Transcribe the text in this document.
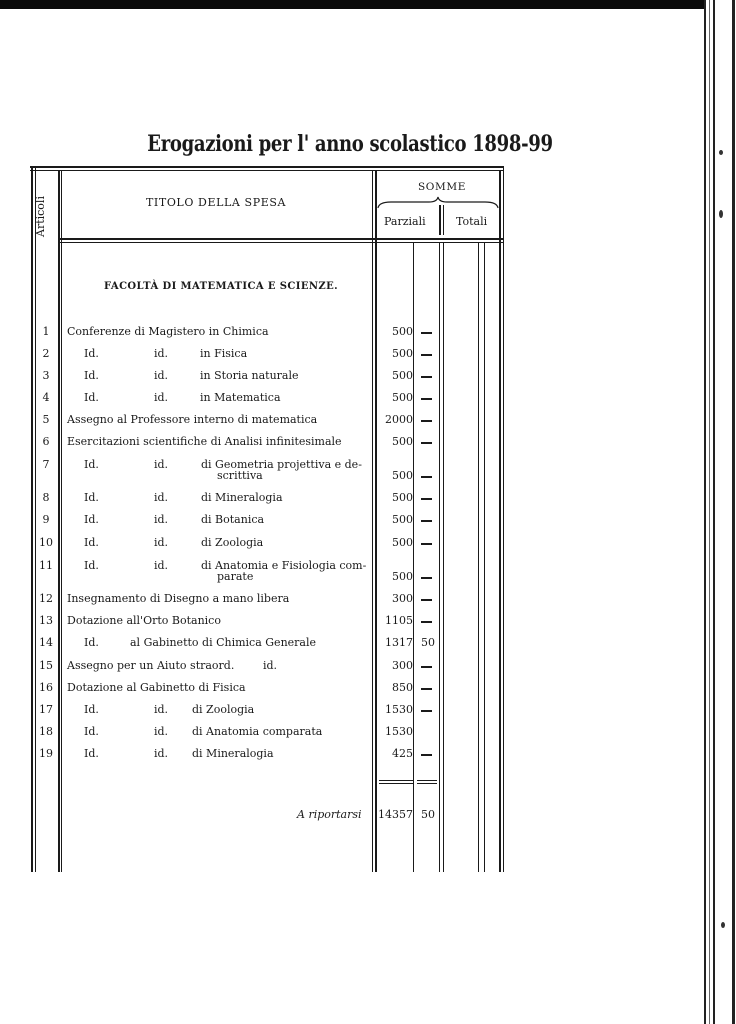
Erogazioni per l' anno scolastico 1898-99
Articoli	TITOLO DELLA SPESA
SOMME
Parziali	Totali
FACOLTÀ DI MATEMATICA E SCIENZE.
1	Conferenze di Magistero in Chimica	500
2	Id.	id.	in Fisica	500
3	Id.	id.	in Storia naturale	500
4	Id.	id.	in Matematica	500
5	Assegno al Professore interno di matematica	2000
6	Esercitazioni scientifiche di Analisi infinitesimale	500
7	Id.	id.	di Geometria projettiva e de-
scrittiva	500
8	Id.	id.	di Mineralogia	500
9	Id.	id.	di Botanica	500
10	Id.	id.	di Zoologia	500
11	Id.	id.	di Anatomia e Fisiologia com-
parate	500
12 Insegnamento di Disegno a mano libera	300
13 Dotazione all'Orto Botanico	1105
14	Id.	al Gabinetto di Chimica Generale	1317 50
15 Assegno per un Aiuto straord.	id.	300
16 Dotazione al Gabinetto di Fisica	850
17	Id.	id. di Zoologia	1530
18	Id.	id. di Anatomia comparata	1530
19	Id.	id. di Mineralogia	425
A riportarsi 14357 50
